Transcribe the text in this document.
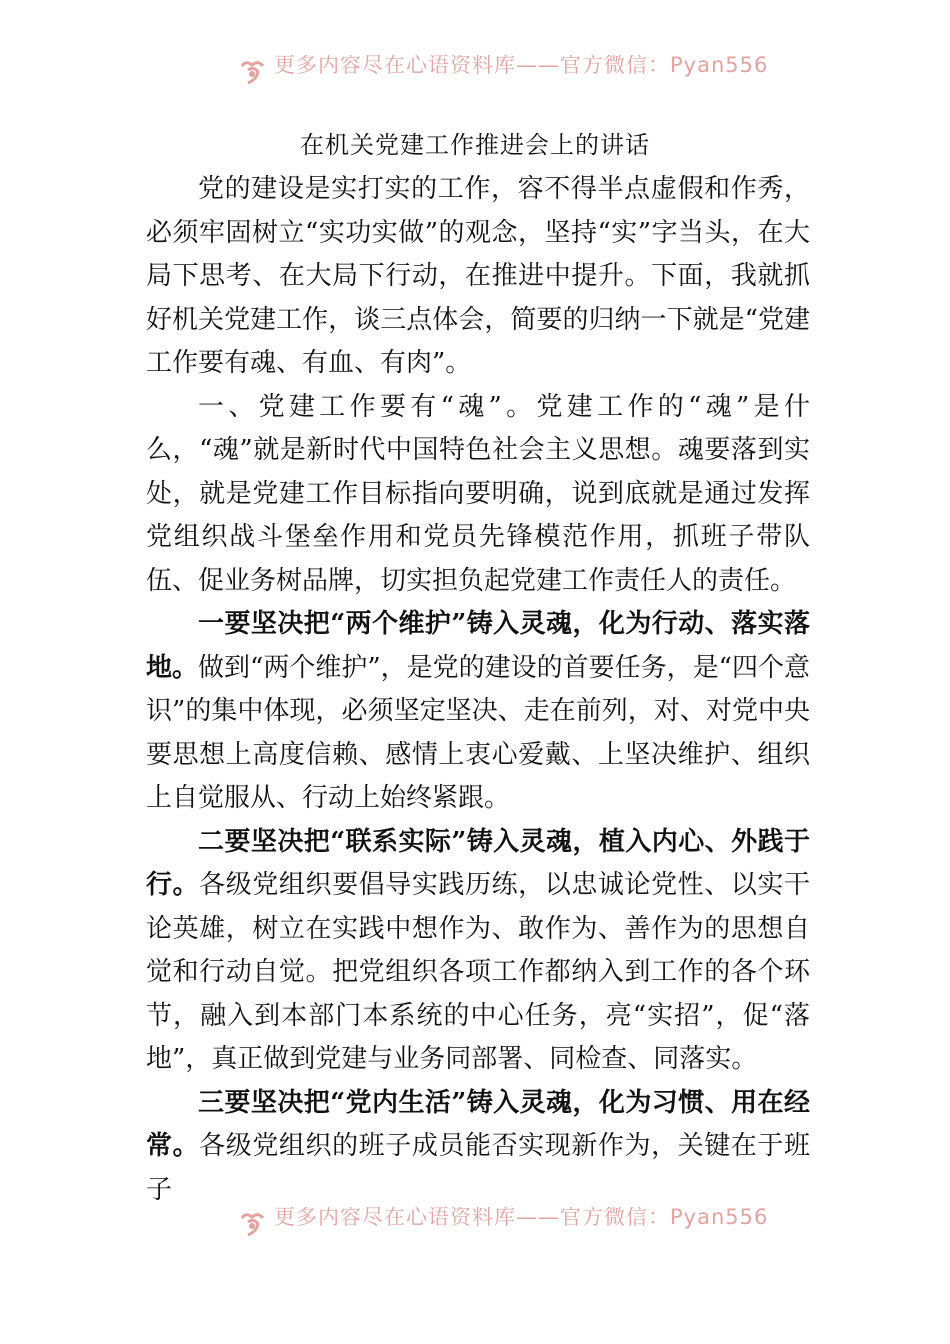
更多内容尽在心语资料库——官方微信：Pyan556
在机关党建工作推进会上的讲话

党的建设是实打实的工作，容不得半点虚假和作秀，必须牢固树立“实功实做”的观念，坚持“实”字当头，在大局下思考、在大局下行动，在推进中提升。下面，我就抓好机关党建工作，谈三点体会，简要的归纳一下就是“党建工作要有魂、有血、有肉”。

一、党建工作要有“魂”。党建工作的“魂”是什么，“魂”就是新时代中国特色社会主义思想。魂要落到实处，就是党建工作目标指向要明确，说到底就是通过发挥党组织战斗堡垒作用和党员先锋模范作用，抓班子带队伍、促业务树品牌，切实担负起党建工作责任人的责任。

一要坚决把“两个维护”铸入灵魂，化为行动、落实落地。做到“两个维护”，是党的建设的首要任务，是“四个意识”的集中体现，必须坚定坚决、走在前列，对、对党中央要思想上高度信赖、感情上衷心爱戴、上坚决维护、组织上自觉服从、行动上始终紧跟。

二要坚决把“联系实际”铸入灵魂，植入内心、外践于行。各级党组织要倡导实践历练，以忠诚论党性、以实干论英雄，树立在实践中想作为、敢作为、善作为的思想自觉和行动自觉。把党组织各项工作都纳入到工作的各个环节，融入到本部门本系统的中心任务，亮“实招”，促“落地”，真正做到党建与业务同部署、同检查、同落实。

三要坚决把“党内生活”铸入灵魂，化为习惯、用在经常。各级党组织的班子成员能否实现新作为，关键在于班子

更多内容尽在心语资料库——官方微信：Pyan556
